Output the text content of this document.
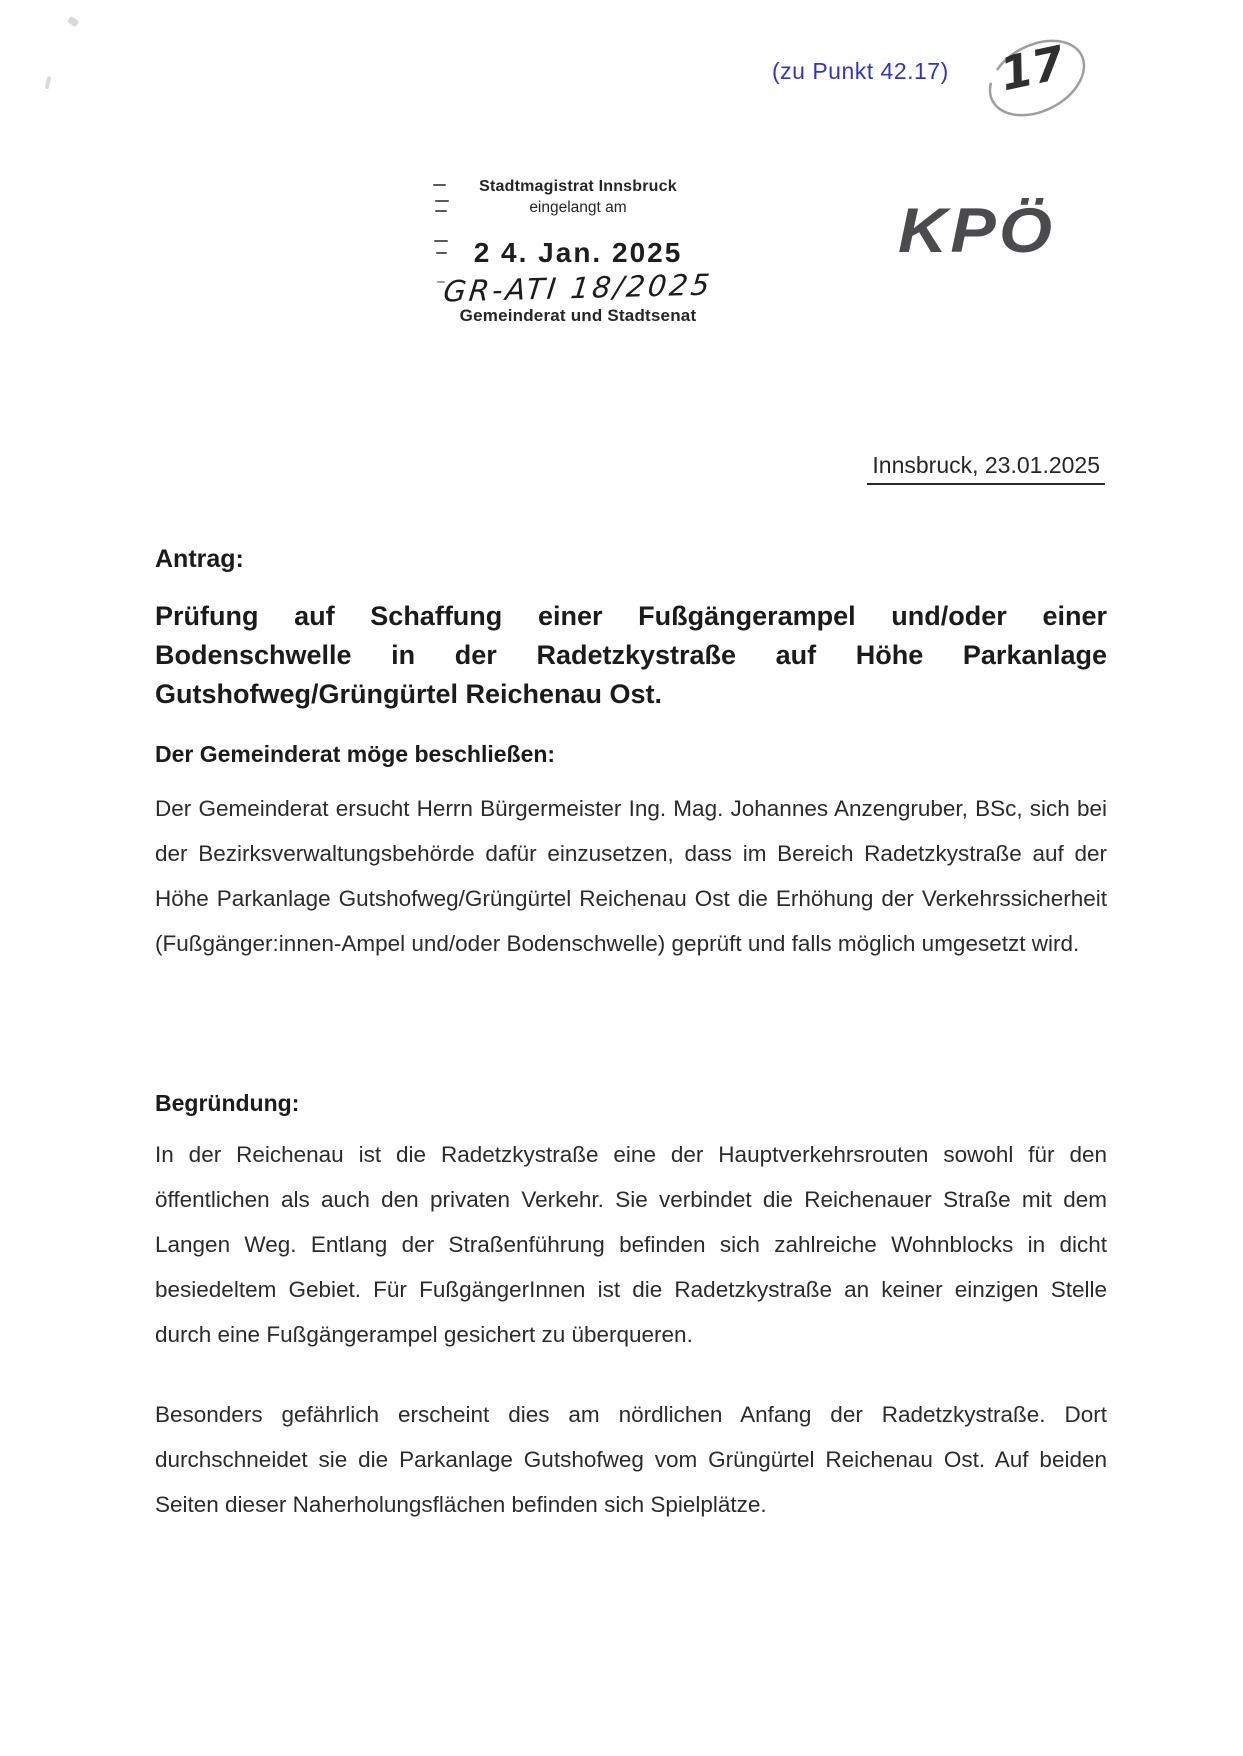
(zu Punkt 42.17) 17
Stadtmagistrat Innsbruck
eingelangt am
2 4. Jan. 2025
GR-ATI 18/2025
Gemeinderat und Stadtsenat
KPÖ
Innsbruck, 23.01.2025
Antrag:
Prüfung auf Schaffung einer Fußgängerampel und/oder einer Bodenschwelle in der Radetzkystraße auf Höhe Parkanlage Gutshofweg/Grüngürtel Reichenau Ost.
Der Gemeinderat möge beschließen:
Der Gemeinderat ersucht Herrn Bürgermeister Ing. Mag. Johannes Anzengruber, BSc, sich bei der Bezirksverwaltungsbehörde dafür einzusetzen, dass im Bereich Radetzkystraße auf der Höhe Parkanlage Gutshofweg/Grüngürtel Reichenau Ost die Erhöhung der Verkehrssicherheit (Fußgänger:innen-Ampel und/oder Bodenschwelle) geprüft und falls möglich umgesetzt wird.
Begründung:
In der Reichenau ist die Radetzkystraße eine der Hauptverkehrsrouten sowohl für den öffentlichen als auch den privaten Verkehr. Sie verbindet die Reichenauer Straße mit dem Langen Weg. Entlang der Straßenführung befinden sich zahlreiche Wohnblocks in dicht besiedeltem Gebiet. Für FußgängerInnen ist die Radetzkystraße an keiner einzigen Stelle durch eine Fußgängerampel gesichert zu überqueren.
Besonders gefährlich erscheint dies am nördlichen Anfang der Radetzkystraße. Dort durchschneidet sie die Parkanlage Gutshofweg vom Grüngürtel Reichenau Ost. Auf beiden Seiten dieser Naherholungsflächen befinden sich Spielplätze.
